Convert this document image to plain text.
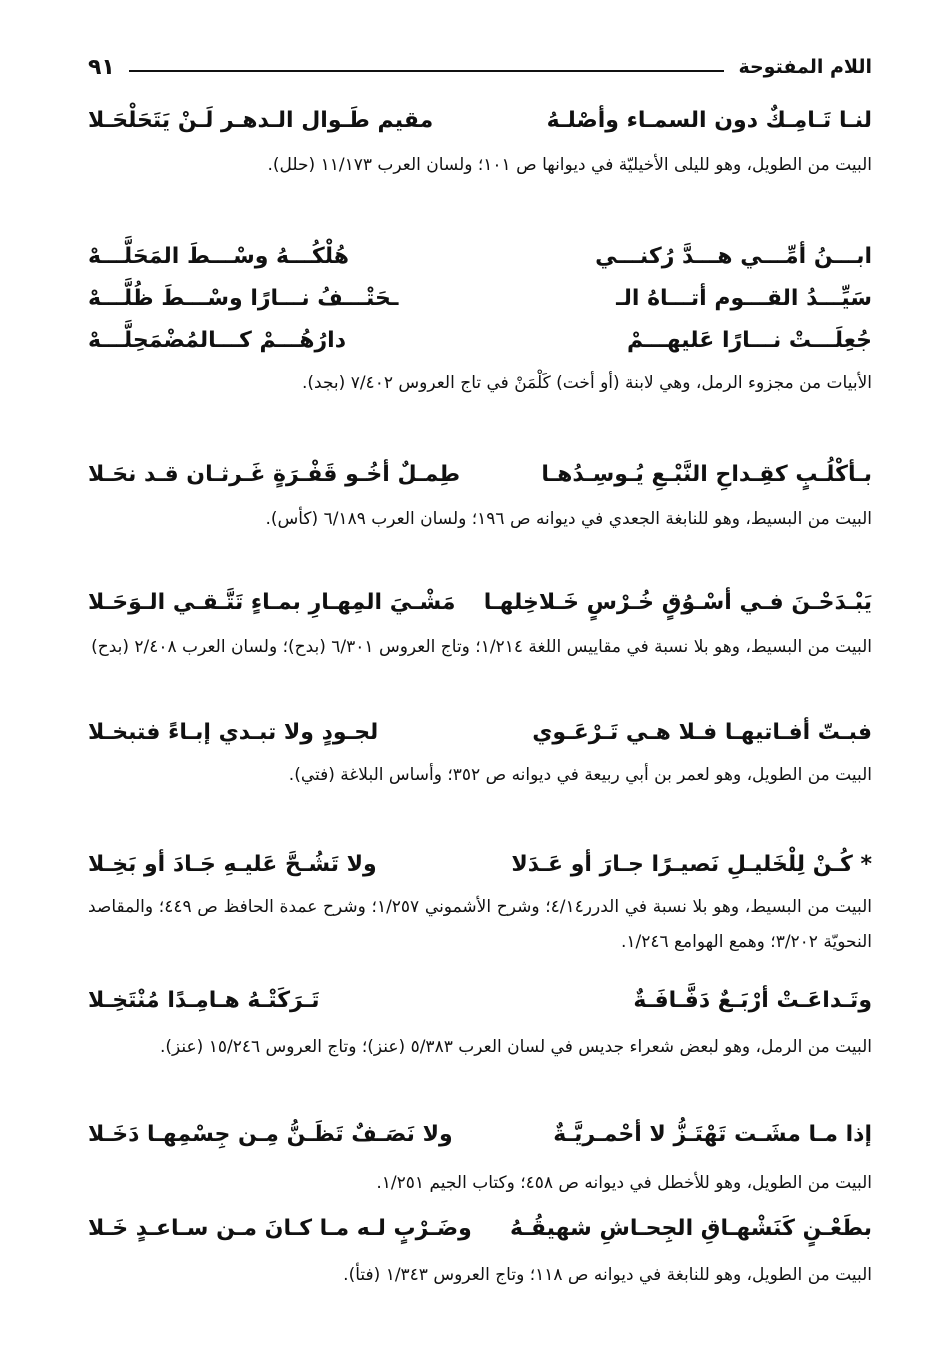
اللام المفتوحة
٩١
لنـا تَـامِـكٌ دون السمـاء وأصْلـهُ
مقيم طَـوال الـدهـر لَـنْ يَتَحَلْحَـلا
البيت من الطويل، وهو لليلى الأخيليّة في ديوانها ص ١٠١؛ ولسان العرب ١١/١٧٣ (حلل).
ابـــنُ أمِّـــي هـــدَّ رُكنـــي
هُلْكُـــهُ وسْـــطَ المَحَلَّـــهْ
سَيِّـــدُ القـــوم أتـــاهُ الـ
ـحَتْـــفُ نـــارًا وسْـــطَ ظُلَّـــهْ
جُعِلَـــتْ نـــارًا عَليهـــمْ
دارُهُـــمْ كـــالمُضْمَحِلَّـــهْ
الأبيات من مجزوء الرمل، وهي لابنة (أو أخت) كَلْمَنْ في تاج العروس ٧/٤٠٢ (بجد).
بـأكْلُـبٍ كقِـداحِ النَّبْـعِ يُـوسِـدُهـا
طِمـلٌ أخُـو قَفْـرَةٍ غَـرثـان قـد نحَـلا
البيت من البسيط، وهو للنابغة الجعدي في ديوانه ص ١٩٦؛ ولسان العرب ٦/١٨٩ (كأس).
يَبْـدَحْـنَ فـي أسْـوُقٍ خُـرْسٍ خَـلاخِلهـا
مَشْـيَ المِهـارِ بمـاءٍ تَتَّـقـي الـوَحَـلا
البيت من البسيط، وهو بلا نسبة في مقاييس اللغة ١/٢١٤؛ وتاج العروس ٦/٣٠١ (بدح)؛ ولسان العرب ٢/٤٠٨ (بدح)
فبـتّ أفـاتيهـا فـلا هـي تَـرْعَـوي
لجـودٍ ولا تبـدي إبـاءً فتبخـلا
البيت من الطويل، وهو لعمر بن أبي ربيعة في ديوانه ص ٣٥٢؛ وأساس البلاغة (فتي).
* كُـنْ لِلْخَليـلِ نَصيـرًا جـارَ أو عَـدَلا
ولا تَشُـحَّ عَليـهِ جَـادَ أو بَخِـلا
البيت من البسيط، وهو بلا نسبة في الدرر٤/١٤؛ وشرح الأشموني ١/٢٥٧؛ وشرح عمدة الحافظ ص ٤٤٩؛ والمقاصد النحويّة ٣/٢٠٢؛ وهمع الهوامع ١/٢٤٦.
وتَـداعَـتْ أرْبَـعٌ دَفَّـافَـةٌ
تَـرَكَتْـهُ هـامِـدًا مُنْتَخِـلا
البيت من الرمل، وهو لبعض شعراء جديس في لسان العرب ٥/٣٨٣ (عنز)؛ وتاج العروس ١٥/٢٤٦ (عنز).
إذا مـا مشَـت تَهْتَـزُّ لا أحْمـريَّـةٌ
ولا نَصَـفٌ تَظَـنُّ مِـن جِسْمِهـا دَخَـلا
البيت من الطويل، وهو للأخطل في ديوانه ص ٤٥٨؛ وكتاب الجيم ١/٢٥١.
بطَعْـنٍ كَنَشْهـاقِ الجِحـاشِ شهيقُـهُ
وضَـرْبٍ لـه مـا كـانَ مـن سـاعـدٍ خَـلا
البيت من الطويل، وهو للنابغة في ديوانه ص ١١٨؛ وتاج العروس ١/٣٤٣ (فتأ).
